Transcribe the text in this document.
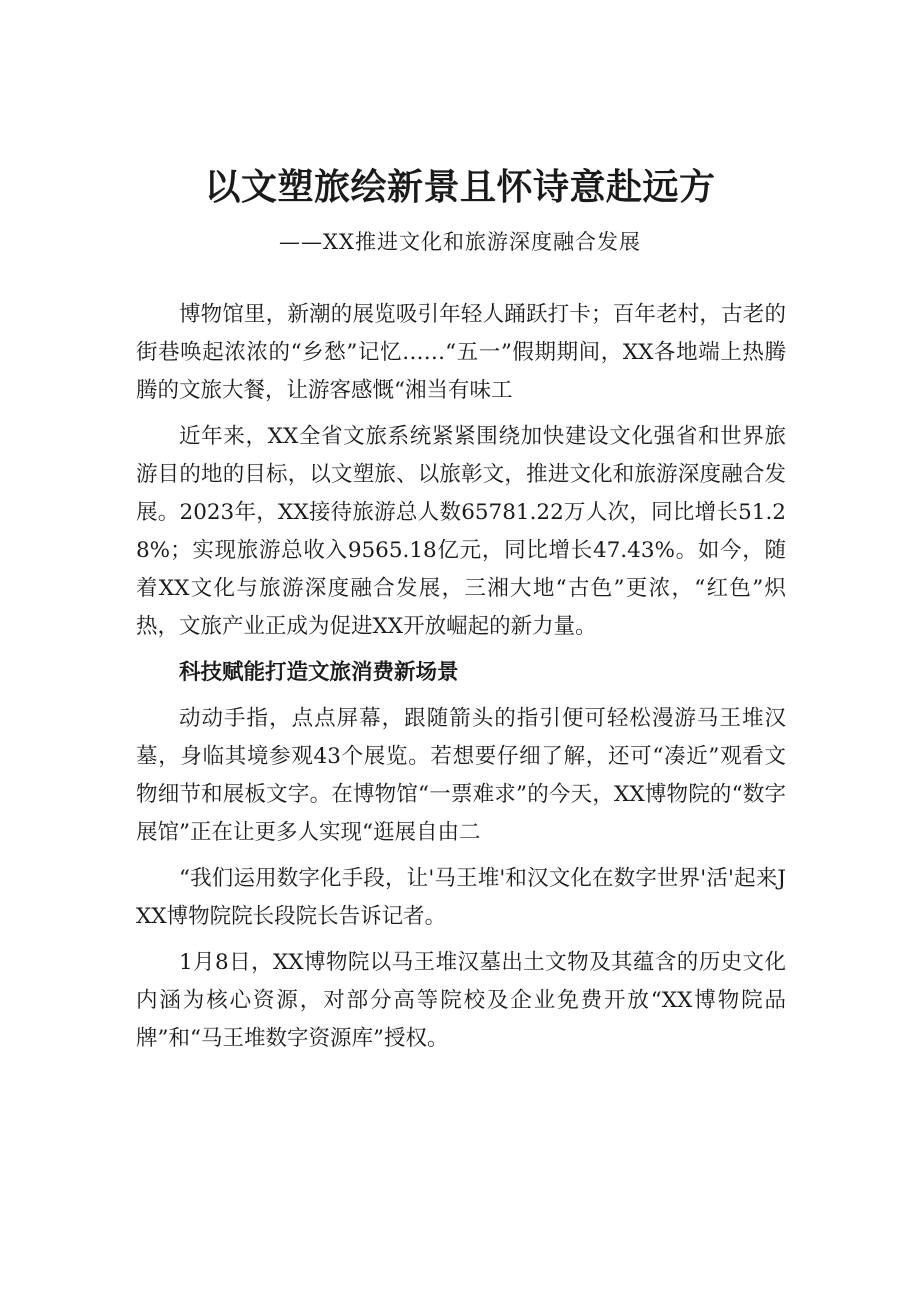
以文塑旅绘新景且怀诗意赴远方
——XX推进文化和旅游深度融合发展

博物馆里，新潮的展览吸引年轻人踊跃打卡；百年老村，古老的街巷唤起浓浓的“乡愁”记忆……“五一”假期期间，XX各地端上热腾腾的文旅大餐，让游客感慨“湘当有味工

近年来，XX全省文旅系统紧紧围绕加快建设文化强省和世界旅游目的地的目标，以文塑旅、以旅彰文，推进文化和旅游深度融合发展。2023年，XX接待旅游总人数65781.22万人次，同比增长51.28%；实现旅游总收入9565.18亿元，同比增长47.43%。如今，随着XX文化与旅游深度融合发展，三湘大地“古色”更浓，“红色”炽热，文旅产业正成为促进XX开放崛起的新力量。

科技赋能打造文旅消费新场景

动动手指，点点屏幕，跟随箭头的指引便可轻松漫游马王堆汉墓，身临其境参观43个展览。若想要仔细了解，还可“凑近”观看文物细节和展板文字。在博物馆“一票难求”的今天，XX博物院的“数字展馆”正在让更多人实现“逛展自由二

“我们运用数字化手段，让'马王堆'和汉文化在数字世界'活'起来JXX博物院院长段院长告诉记者。

1月8日，XX博物院以马王堆汉墓出土文物及其蕴含的历史文化内涵为核心资源，对部分高等院校及企业免费开放“XX博物院品牌”和“马王堆数字资源库”授权。
